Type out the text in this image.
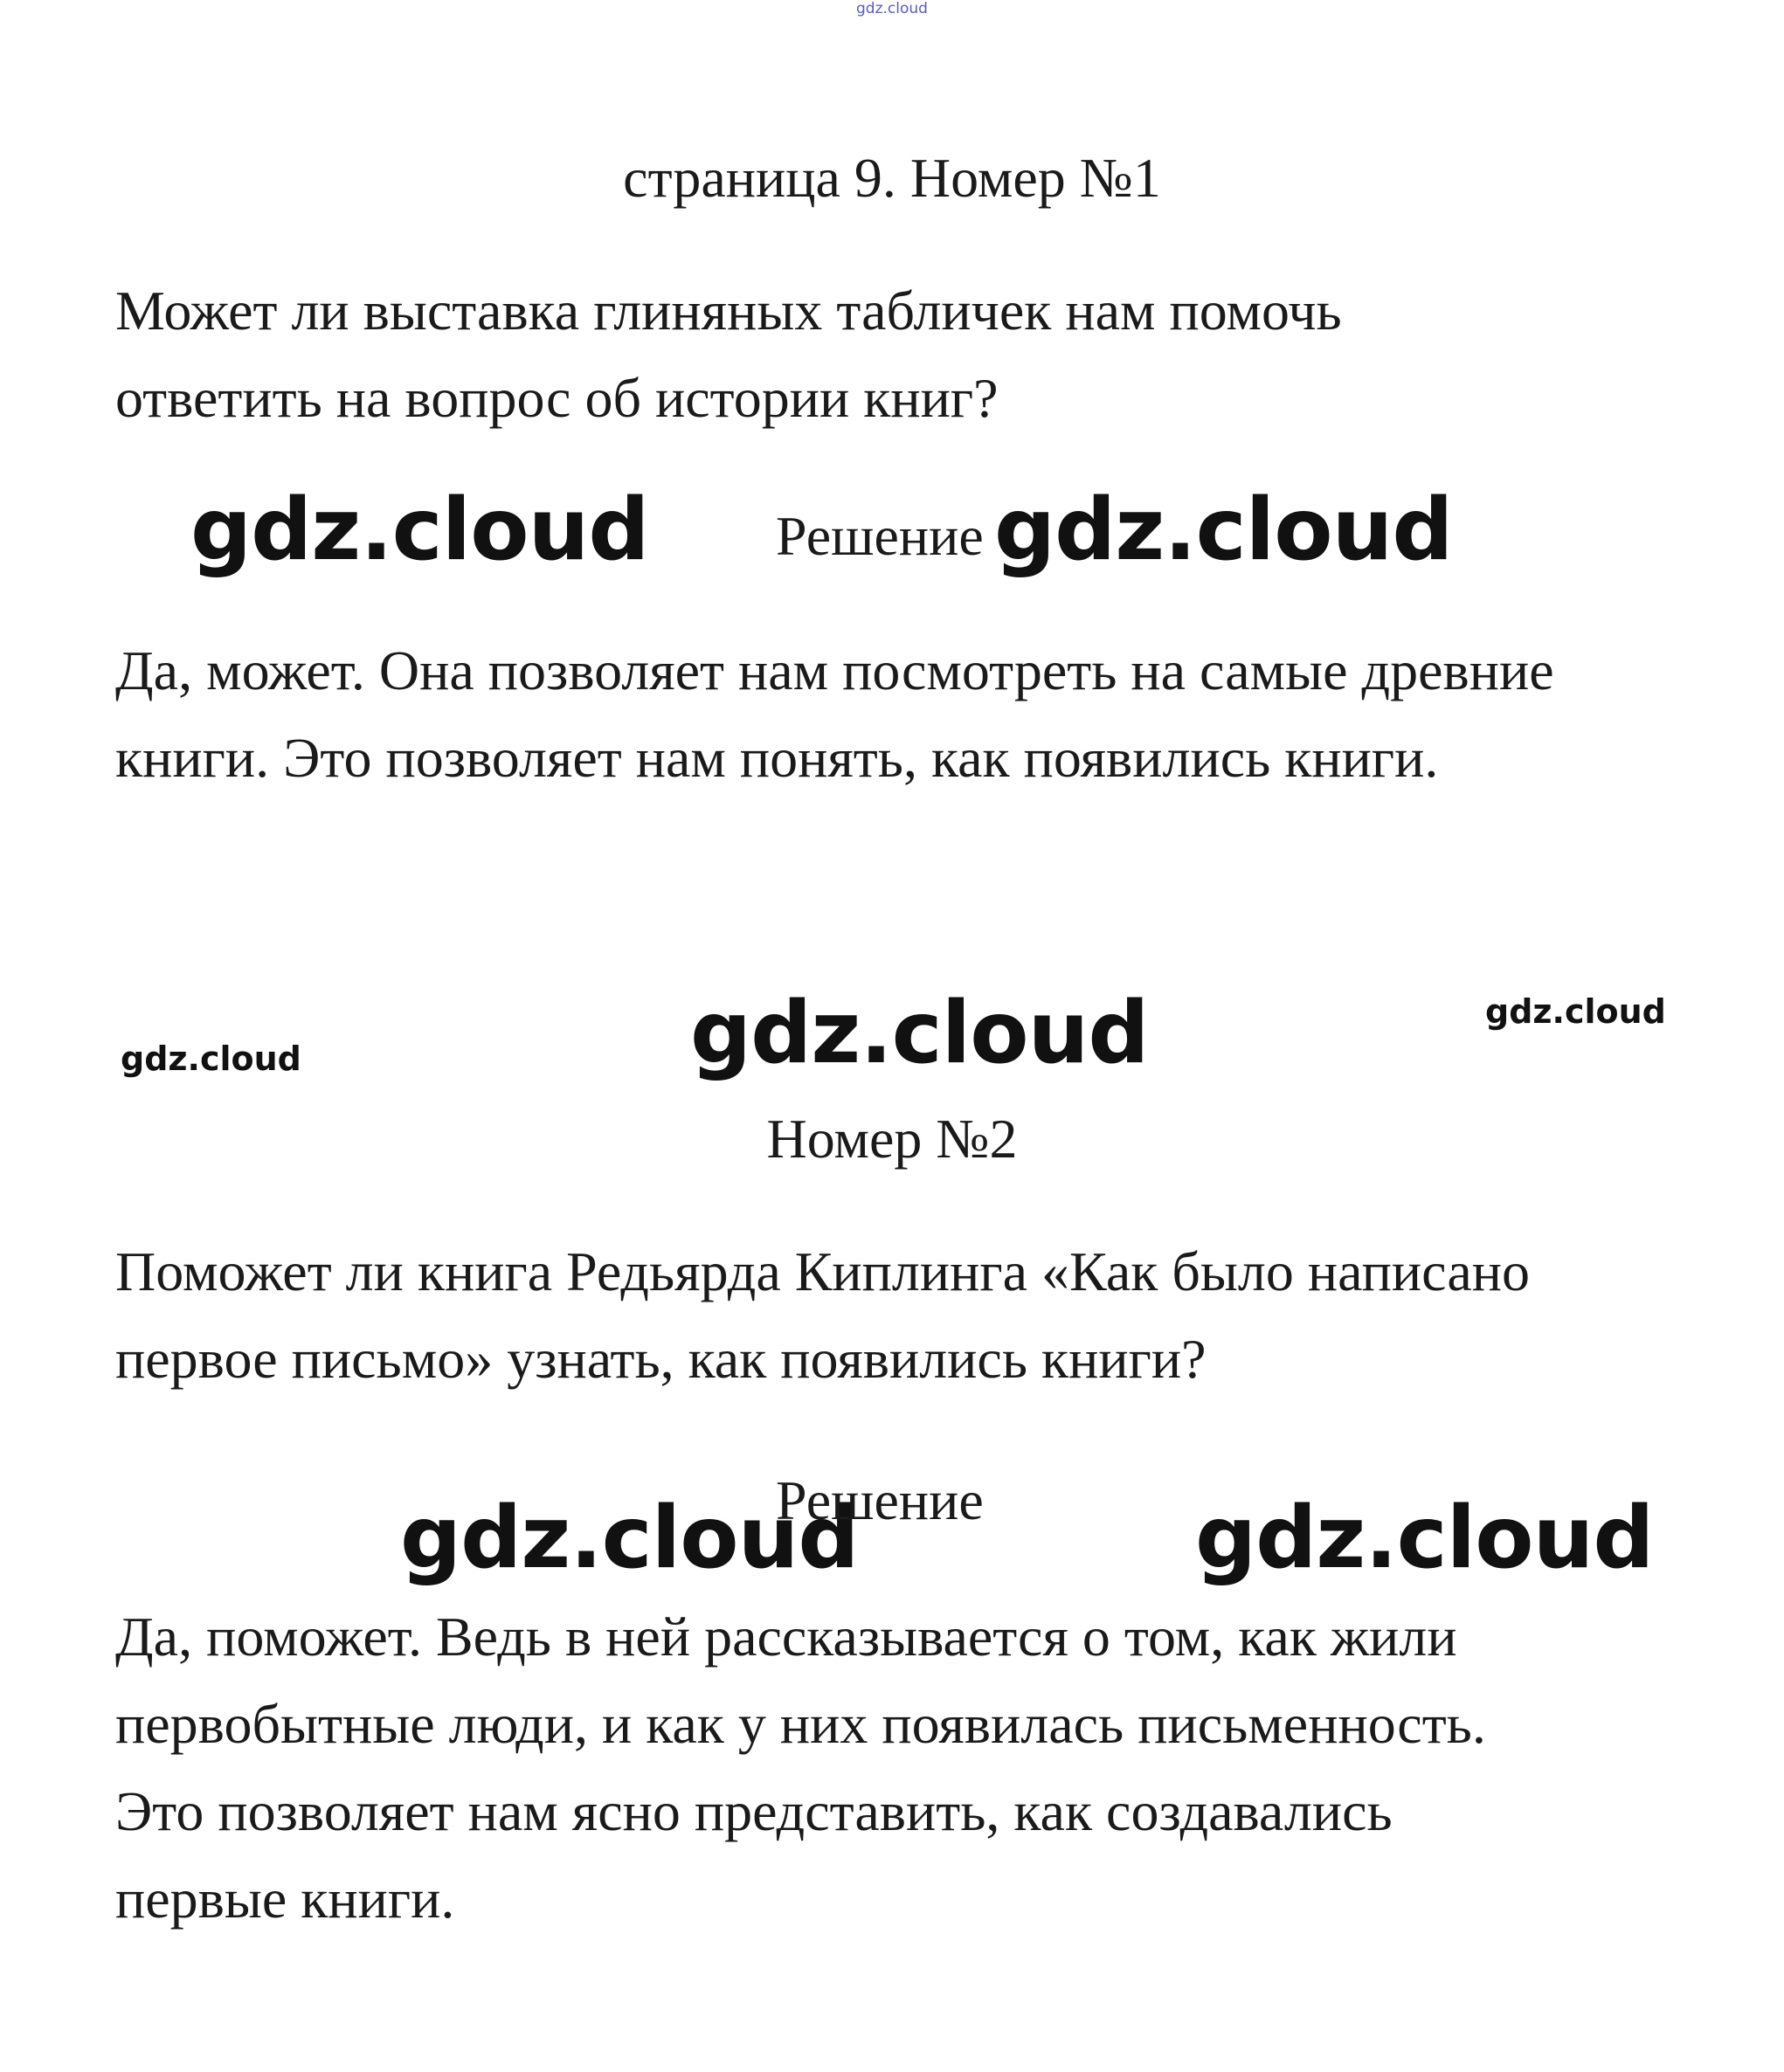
gdz.cloud
страница 9. Номер №1
Может ли выставка глиняных табличек нам помочь
ответить на вопрос об истории книг?
gdz.cloud Решение gdz.cloud
Да, может. Она позволяет нам посмотреть на самые древние
книги. Это позволяет нам понять, как появились книги.
gdz.cloud	gdz.cloud	gdz.cloud
Номер №2
Поможет ли книга Редьярда Киплинга «Как было написано
первое письмо» узнать, как появились книги?
gdz.cloud
Решение gdz.cloud
Да, поможет. Ведь в ней рассказывается о том, как жили
первобытные люди, и как у них появилась письменность.
Это позволяет нам ясно представить, как создавались
первые книги.
